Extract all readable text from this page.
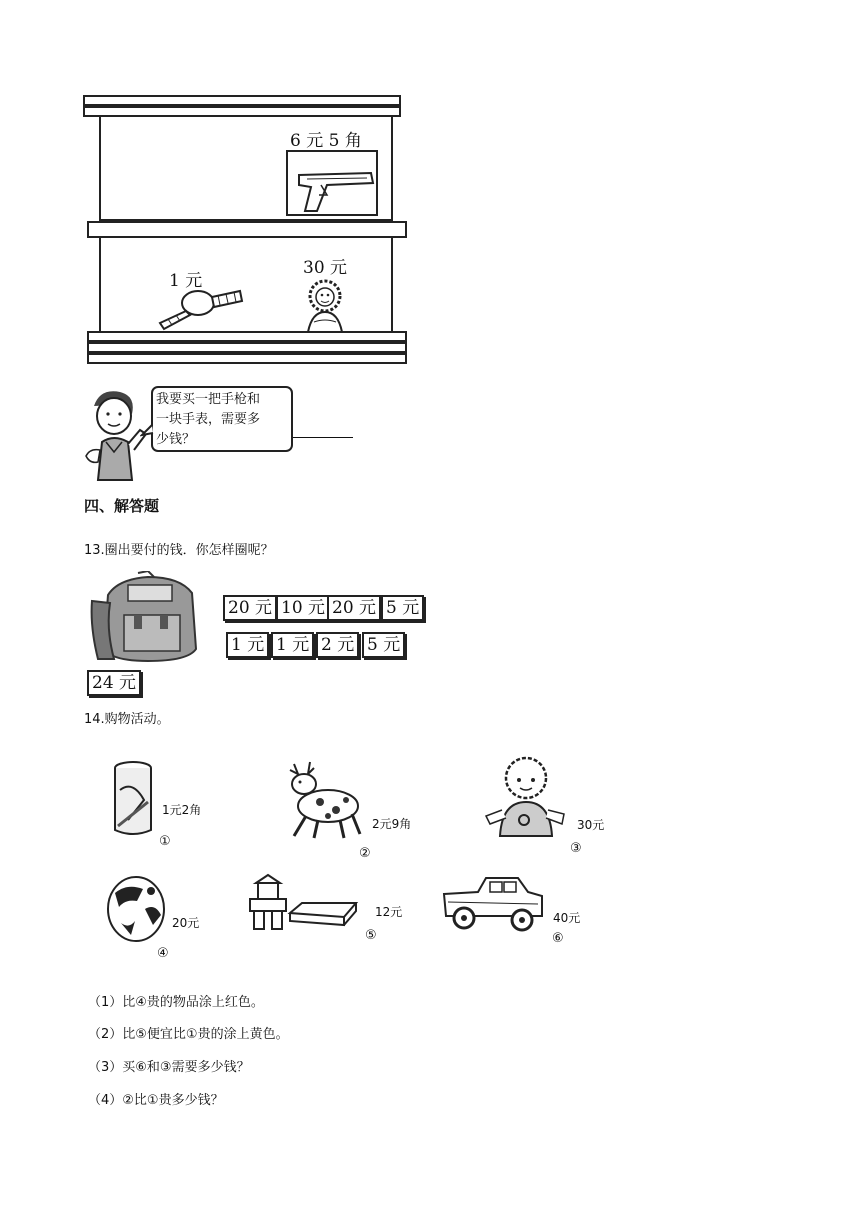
6 元 5 角
1 元
30 元
我要买一把手枪和
一块手表，需要多
少钱？
四、解答题
13.圈出要付的钱．你怎样圈呢？
24 元
20 元 10 元 20 元 5 元
1 元 1 元 2 元 5 元
14.购物活动。
1元2角
①
2元9角
②
30元
③
20元
④
12元
⑤
40元
⑥
（1）比④贵的物品涂上红色。
（2）比⑤便宜比①贵的涂上黄色。
（3）买⑥和③需要多少钱？
（4）②比①贵多少钱？
